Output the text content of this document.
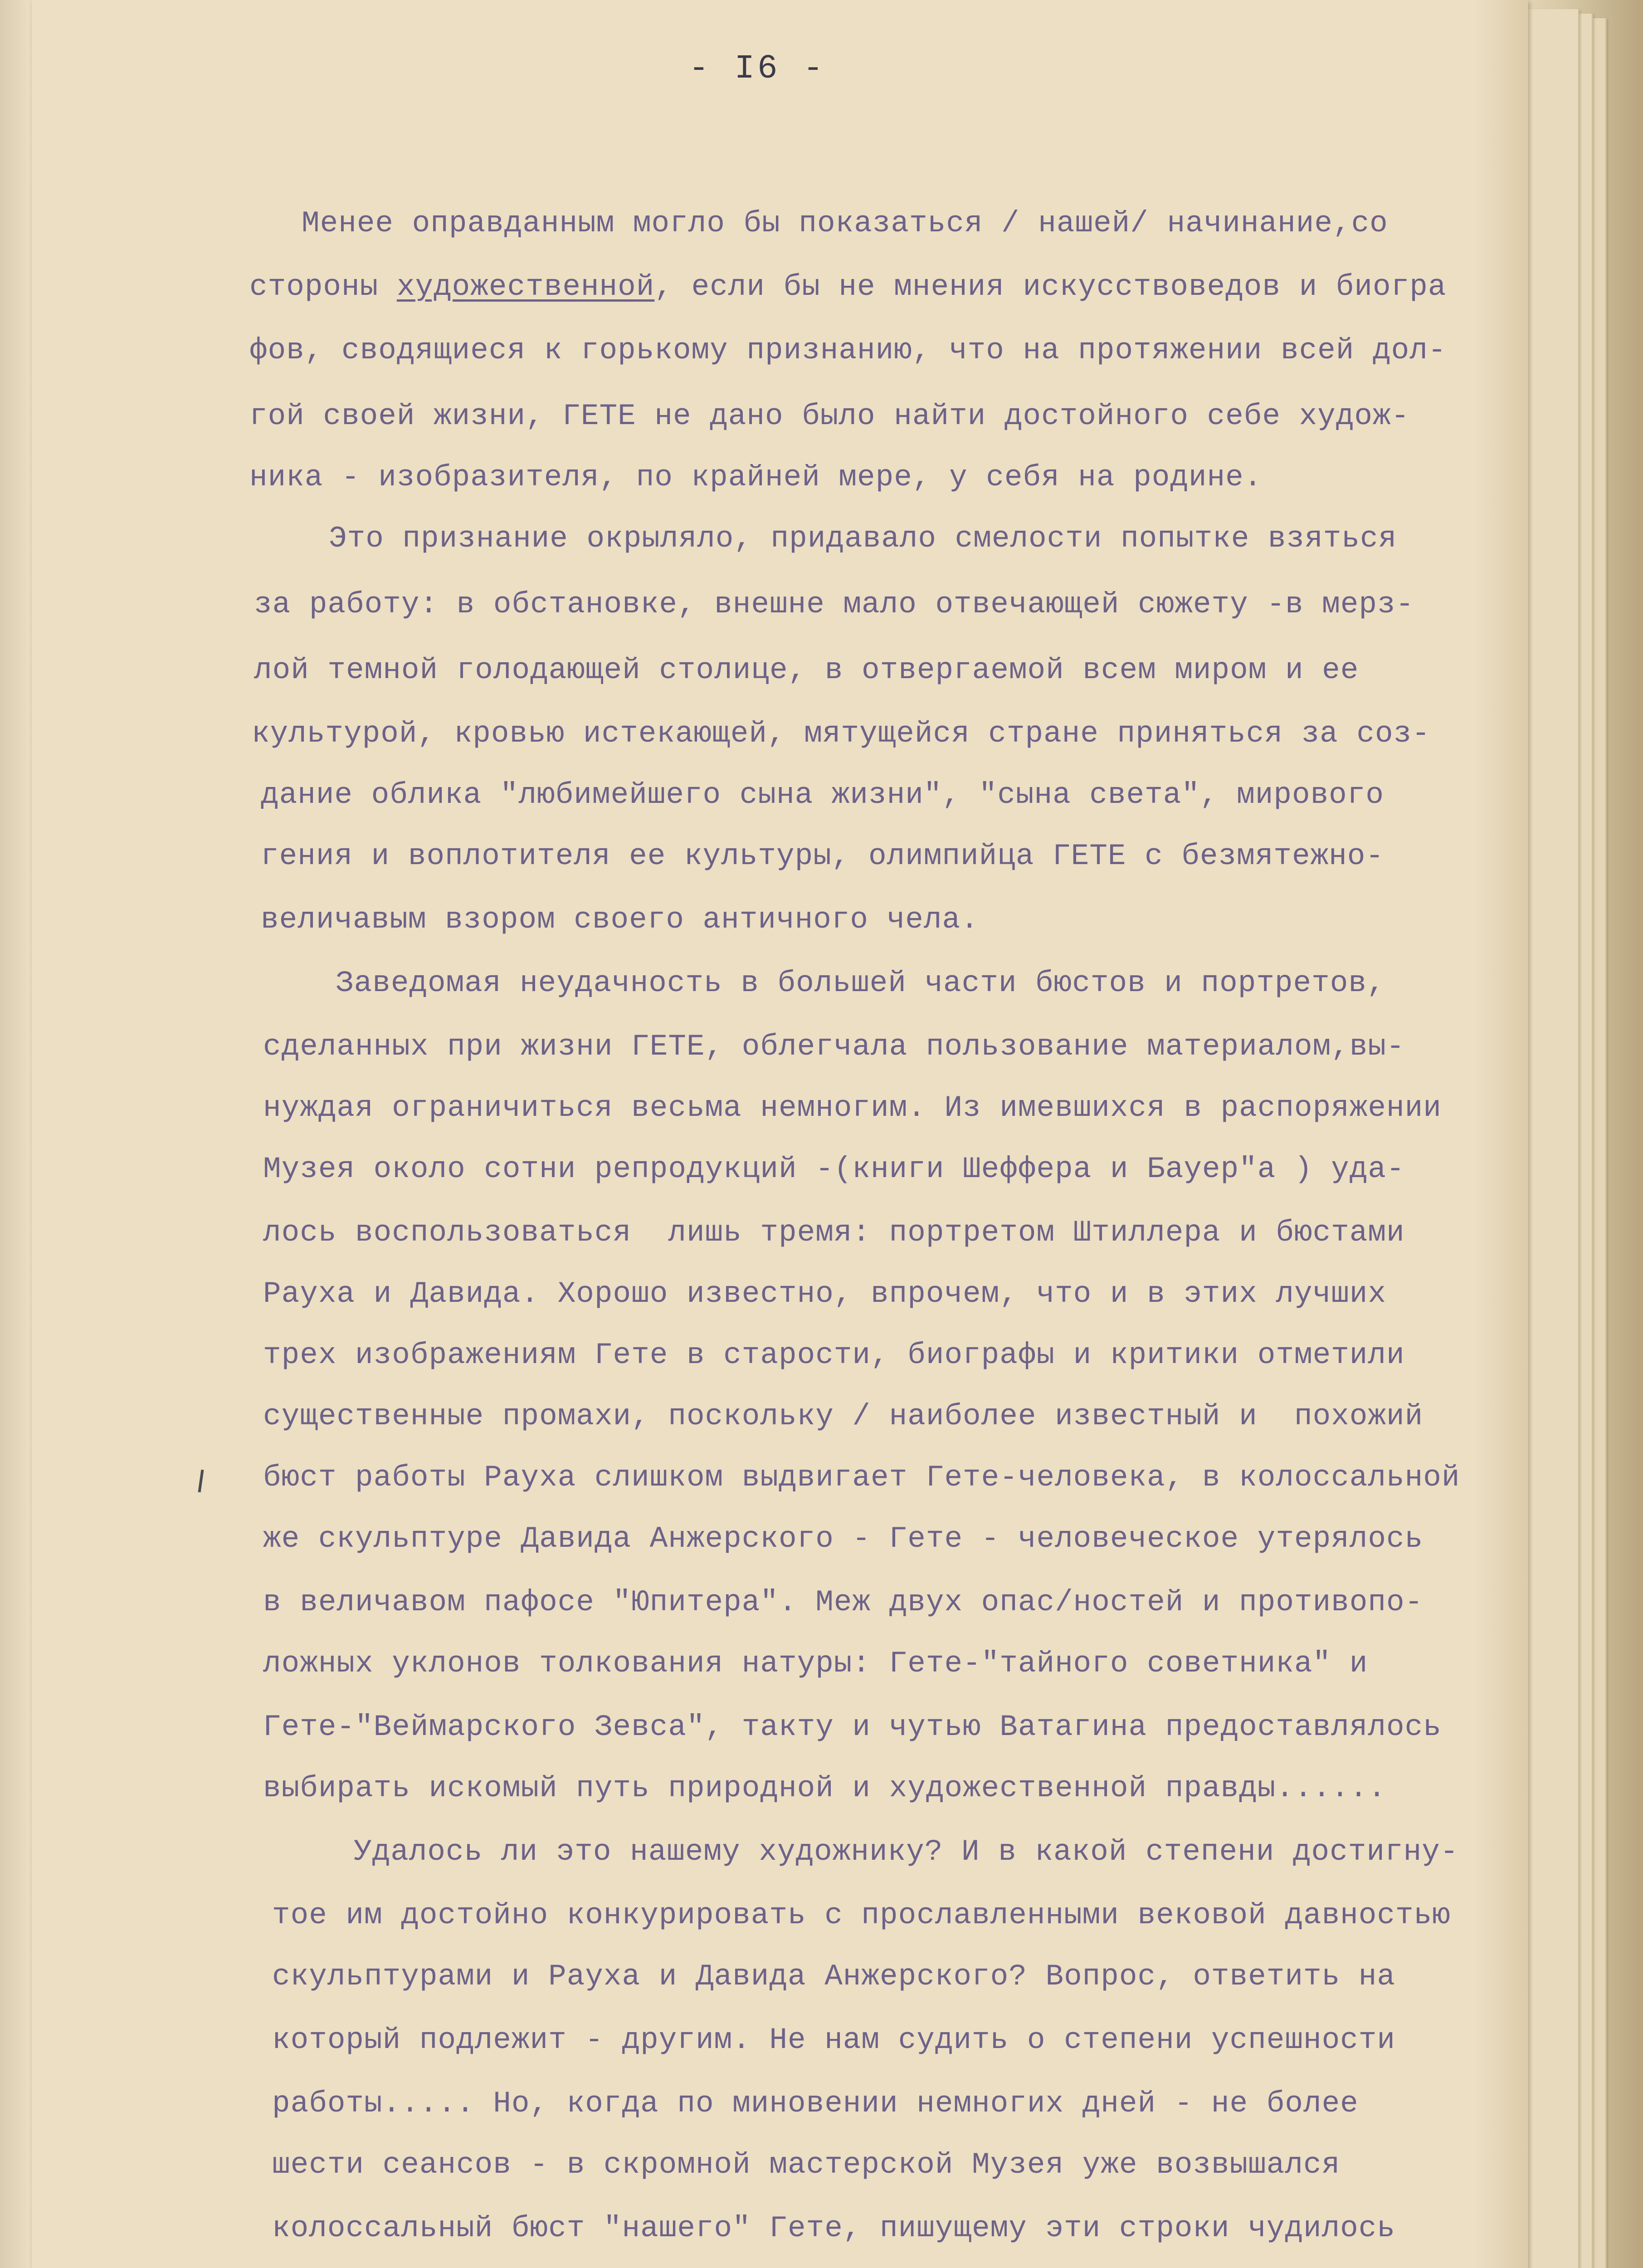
- I6 -
Менее оправданным могло бы показаться / нашей/ начинание,со
стороны художественной, если бы не мнения искусствоведов и биогра
фов, сводящиеся к горькому признанию, что на протяжении всей дол-
гой своей жизни, ГЕТЕ не дано было найти достойного себе худож-
ника - изобразителя, по крайней мере, у себя на родине.
Это признание окрыляло, придавало смелости попытке взяться
за работу: в обстановке, внешне мало отвечающей сюжету -в мерз-
лой темной голодающей столице, в отвергаемой всем миром и ее
культурой, кровью истекающей, мятущейся стране приняться за соз-
дание облика "любимейшего сына жизни", "сына света", мирового
гения и воплотителя ее культуры, олимпийца ГЕТЕ с безмятежно-
величавым взором своего античного чела.
Заведомая неудачность в большей части бюстов и портретов,
сделанных при жизни ГЕТЕ, облегчала пользование материалом,вы-
нуждая ограничиться весьма немногим. Из имевшихся в распоряжении
Музея около сотни репродукций -(книги Шеффера и Бауер"а ) уда-
лось воспользоваться  лишь тремя: портретом Штиллера и бюстами
Рауха и Давида. Хорошо известно, впрочем, что и в этих лучших
трех изображениям Гете в старости, биографы и критики отметили
существенные промахи, поскольку / наиболее известный и  похожий
бюст работы Рауха слишком выдвигает Гете-человека, в колоссальной
же скульптуре Давида Анжерского - Гете - человеческое утерялось
в величавом пафосе "Юпитера". Меж двух опас/ностей и противопо-
ложных уклонов толкования натуры: Гете-"тайного советника" и
Гете-"Веймарского Зевса", такту и чутью Ватагина предоставлялось
выбирать искомый путь природной и художественной правды......
Удалось ли это нашему художнику? И в какой степени достигну-
тое им достойно конкурировать с прославленными вековой давностью
скульптурами и Рауха и Давида Анжерского? Вопрос, ответить на
который подлежит - другим. Не нам судить о степени успешности
работы..... Но, когда по миновении немногих дней - не более
шести сеансов - в скромной мастерской Музея уже возвышался
колоссальный бюст "нашего" Гете, пишущему эти строки чудилось
